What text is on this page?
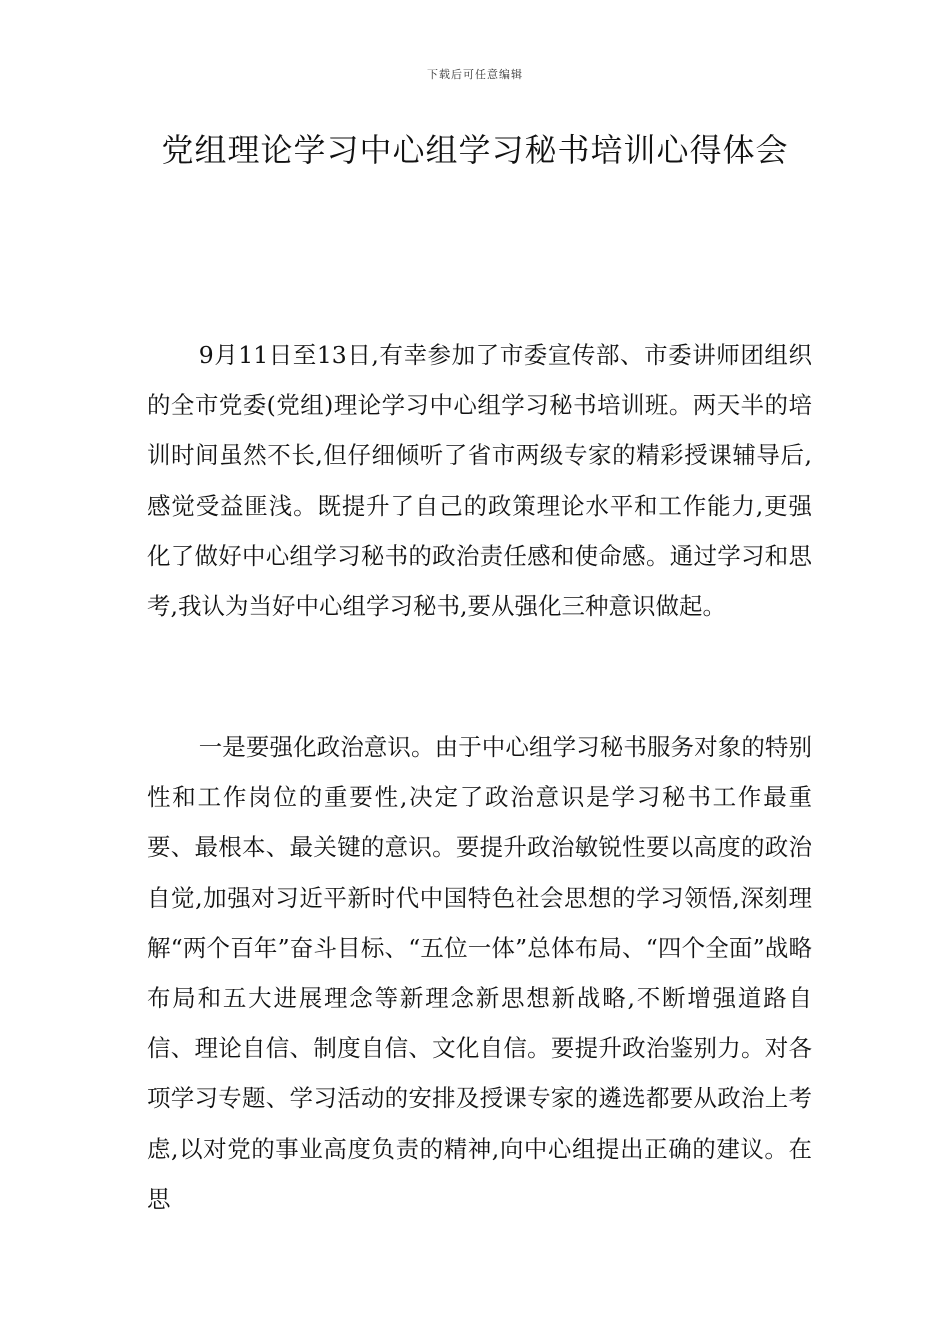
下载后可任意编辑
党组理论学习中心组学习秘书培训心得体会

9月11日至13日,有幸参加了市委宣传部、市委讲师团组织的全市党委(党组)理论学习中心组学习秘书培训班。两天半的培训时间虽然不长,但仔细倾听了省市两级专家的精彩授课辅导后,感觉受益匪浅。既提升了自己的政策理论水平和工作能力,更强化了做好中心组学习秘书的政治责任感和使命感。通过学习和思考,我认为当好中心组学习秘书,要从强化三种意识做起。

一是要强化政治意识。由于中心组学习秘书服务对象的特别性和工作岗位的重要性,决定了政治意识是学习秘书工作最重要、最根本、最关键的意识。要提升政治敏锐性要以高度的政治自觉,加强对习近平新时代中国特色社会思想的学习领悟,深刻理解“两个百年”奋斗目标、“五位一体”总体布局、“四个全面”战略布局和五大进展理念等新理念新思想新战略,不断增强道路自信、理论自信、制度自信、文化自信。要提升政治鉴别力。对各项学习专题、学习活动的安排及授课专家的遴选都要从政治上考虑,以对党的事业高度负责的精神,向中心组提出正确的建议。在思
